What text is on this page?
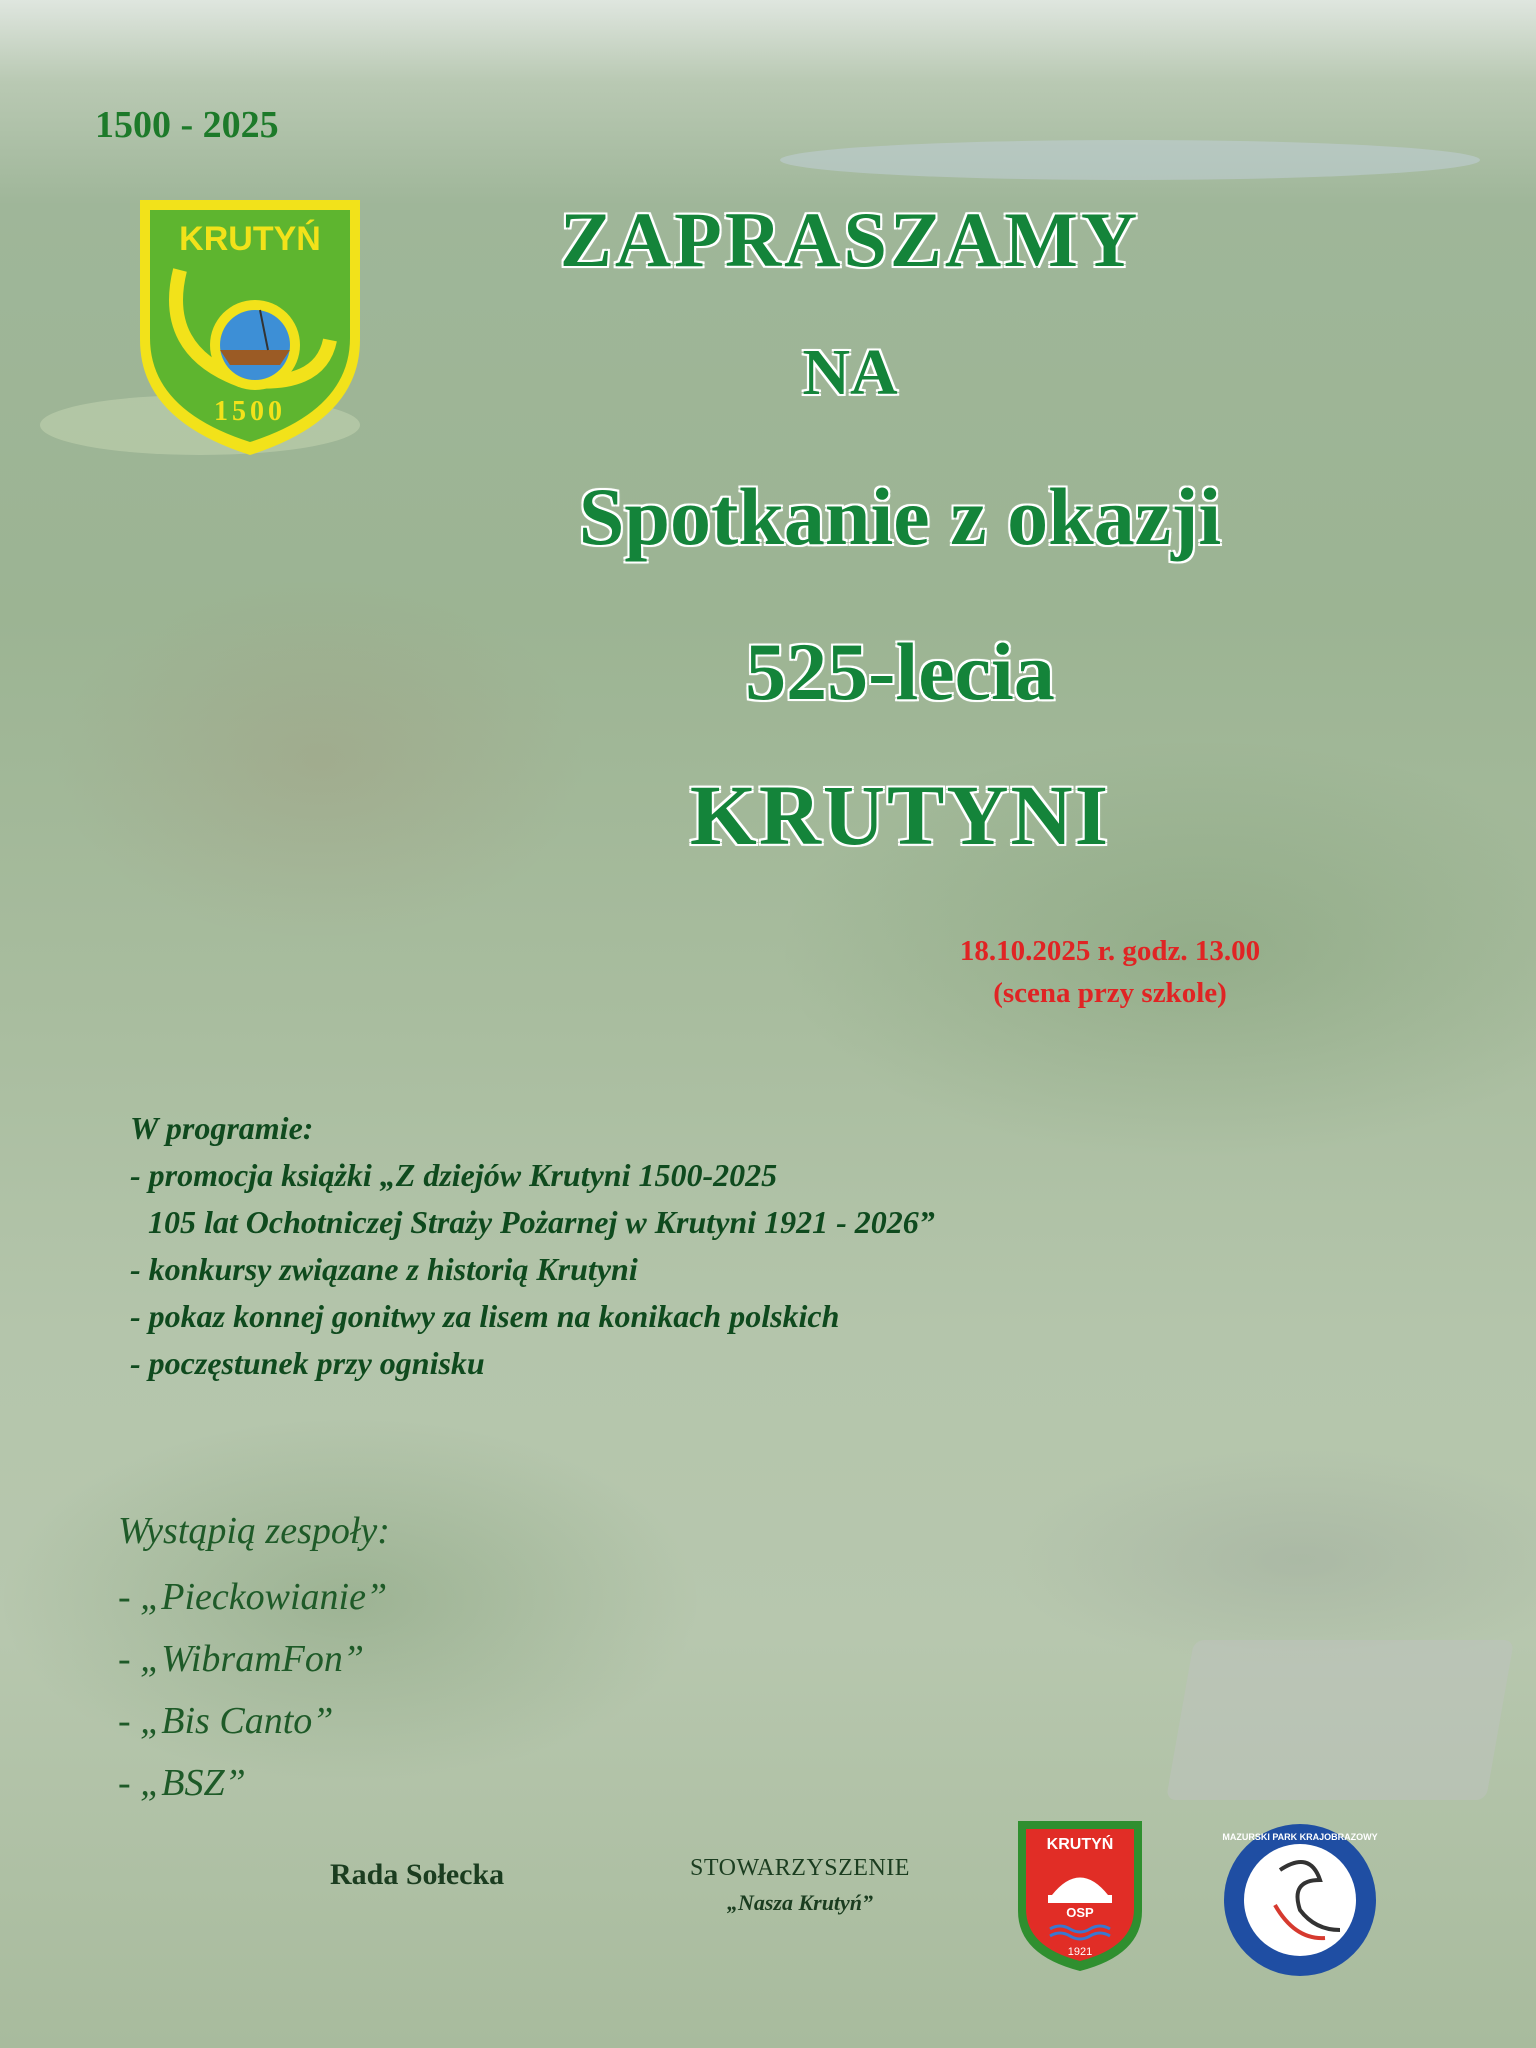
1500 - 2025
KRUTYŃ
1500
ZAPRASZAMY
NA
Spotkanie z okazji
525-lecia
KRUTYNI
18.10.2025 r. godz. 13.00
(scena przy szkole)
W programie:
- promocja książki „Z dziejów Krutyni 1500-2025
105 lat Ochotniczej Straży Pożarnej w Krutyni 1921 - 2026”
- konkursy związane z historią Krutyni
- pokaz konnej gonitwy za lisem na konikach polskich
- poczęstunek przy ognisku
Wystąpią zespoły:
- „Pieckowianie”
- „WibramFon”
- „Bis Canto”
- „BSZ”
Rada Sołecka	STOWARZYSZENIE
„Nasza Krutyń”
KRUTYŃ
OSP
1921
MAZURSKI PARK KRAJOBRAZOWY
